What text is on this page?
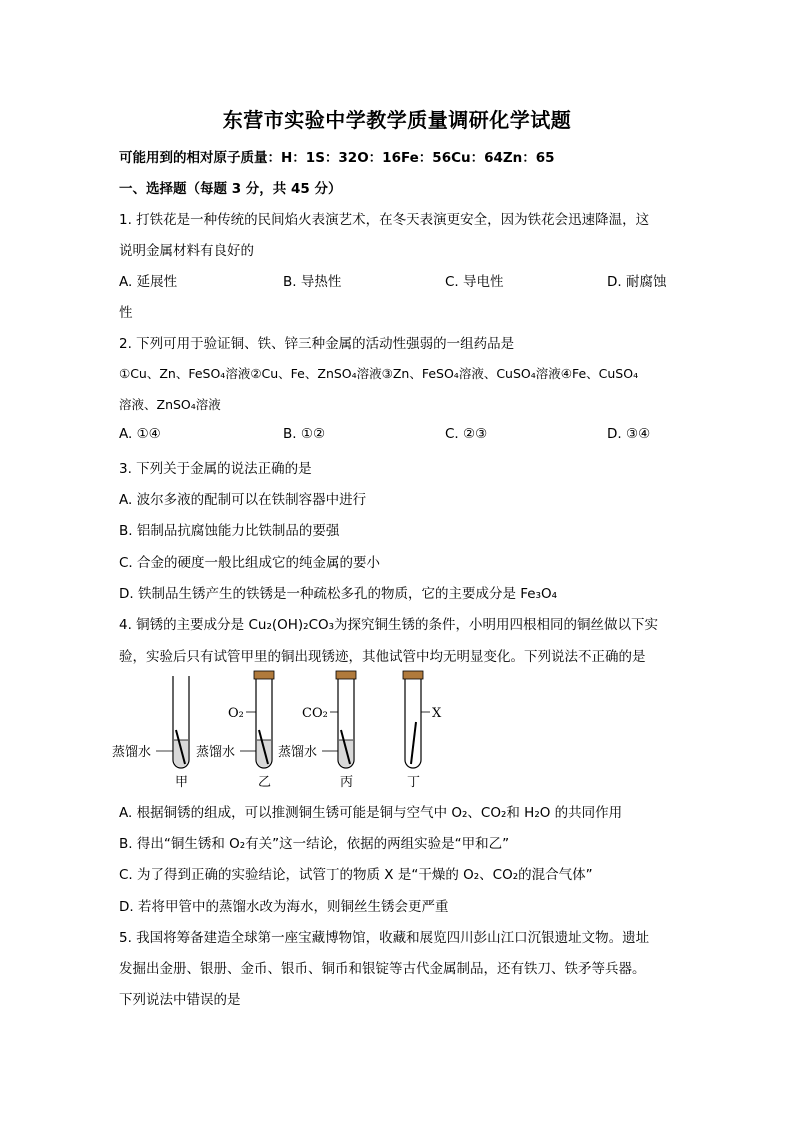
东营市实验中学教学质量调研化学试题
可能用到的相对原子质量：H：1S：32O：16Fe：56Cu：64Zn：65
一、选择题（每题 3 分，共 45 分）
1. 打铁花是一种传统的民间焰火表演艺术，在冬天表演更安全，因为铁花会迅速降温，这
说明金属材料有良好的
A. 延展性	B. 导热性	C. 导电性	D. 耐腐蚀
性
2. 下列可用于验证铜、铁、锌三种金属的活动性强弱的一组药品是
①Cu、Zn、FeSO₄溶液②Cu、Fe、ZnSO₄溶液③Zn、FeSO₄溶液、CuSO₄溶液④Fe、CuSO₄
溶液、ZnSO₄溶液
A. ①④	B. ①②	C. ②③	D. ③④
3. 下列关于金属的说法正确的是
A. 波尔多液的配制可以在铁制容器中进行
B. 铝制品抗腐蚀能力比铁制品的要强
C. 合金的硬度一般比组成它的纯金属的要小
D. 铁制品生锈产生的铁锈是一种疏松多孔的物质，它的主要成分是 Fe₃O₄
4. 铜锈的主要成分是 Cu₂(OH)₂CO₃为探究铜生锈的条件，小明用四根相同的铜丝做以下实
验，实验后只有试管甲里的铜出现锈迹，其他试管中均无明显变化。下列说法不正确的是
蒸馏水
甲
O₂
蒸馏水
乙
CO₂
蒸馏水
丙
X
丁
A. 根据铜锈的组成，可以推测铜生锈可能是铜与空气中 O₂、CO₂和 H₂O 的共同作用
B. 得出“铜生锈和 O₂有关”这一结论，依据的两组实验是“甲和乙”
C. 为了得到正确的实验结论，试管丁的物质 X 是“干燥的 O₂、CO₂的混合气体”
D. 若将甲管中的蒸馏水改为海水，则铜丝生锈会更严重
5. 我国将筹备建造全球第一座宝藏博物馆，收藏和展览四川彭山江口沉银遗址文物。遗址
发掘出金册、银册、金币、银币、铜币和银锭等古代金属制品，还有铁刀、铁矛等兵器。
下列说法中错误的是
